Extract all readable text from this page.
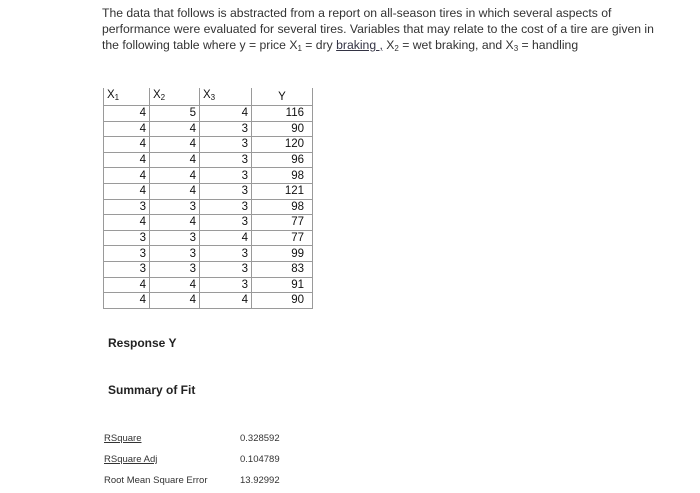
The data that follows is abstracted from a report on all-season tires in which several aspects of

performance were evaluated for several tires. Variables that may relate to the cost of a tire are given in

the following table where y = price $X_1$ = dry braking , $X_2$ = wet braking, and $X_3$ = handling

$X_1$	$X_2$	$X_3$	Y
4	5	4	116
4	4	3	90
4	4	3	120
4	4	3	96
4	4	3	98
4	4	3	121
3	3	3	98
4	4	3	77
3	3	4	77
3	3	3	99
3	3	3	83
4	4	3	91
4	4	4	90
Response Y
Summary of Fit
RSquare	0.328592
RSquare Adj	0.104789
Root Mean Square Error	13.92992
